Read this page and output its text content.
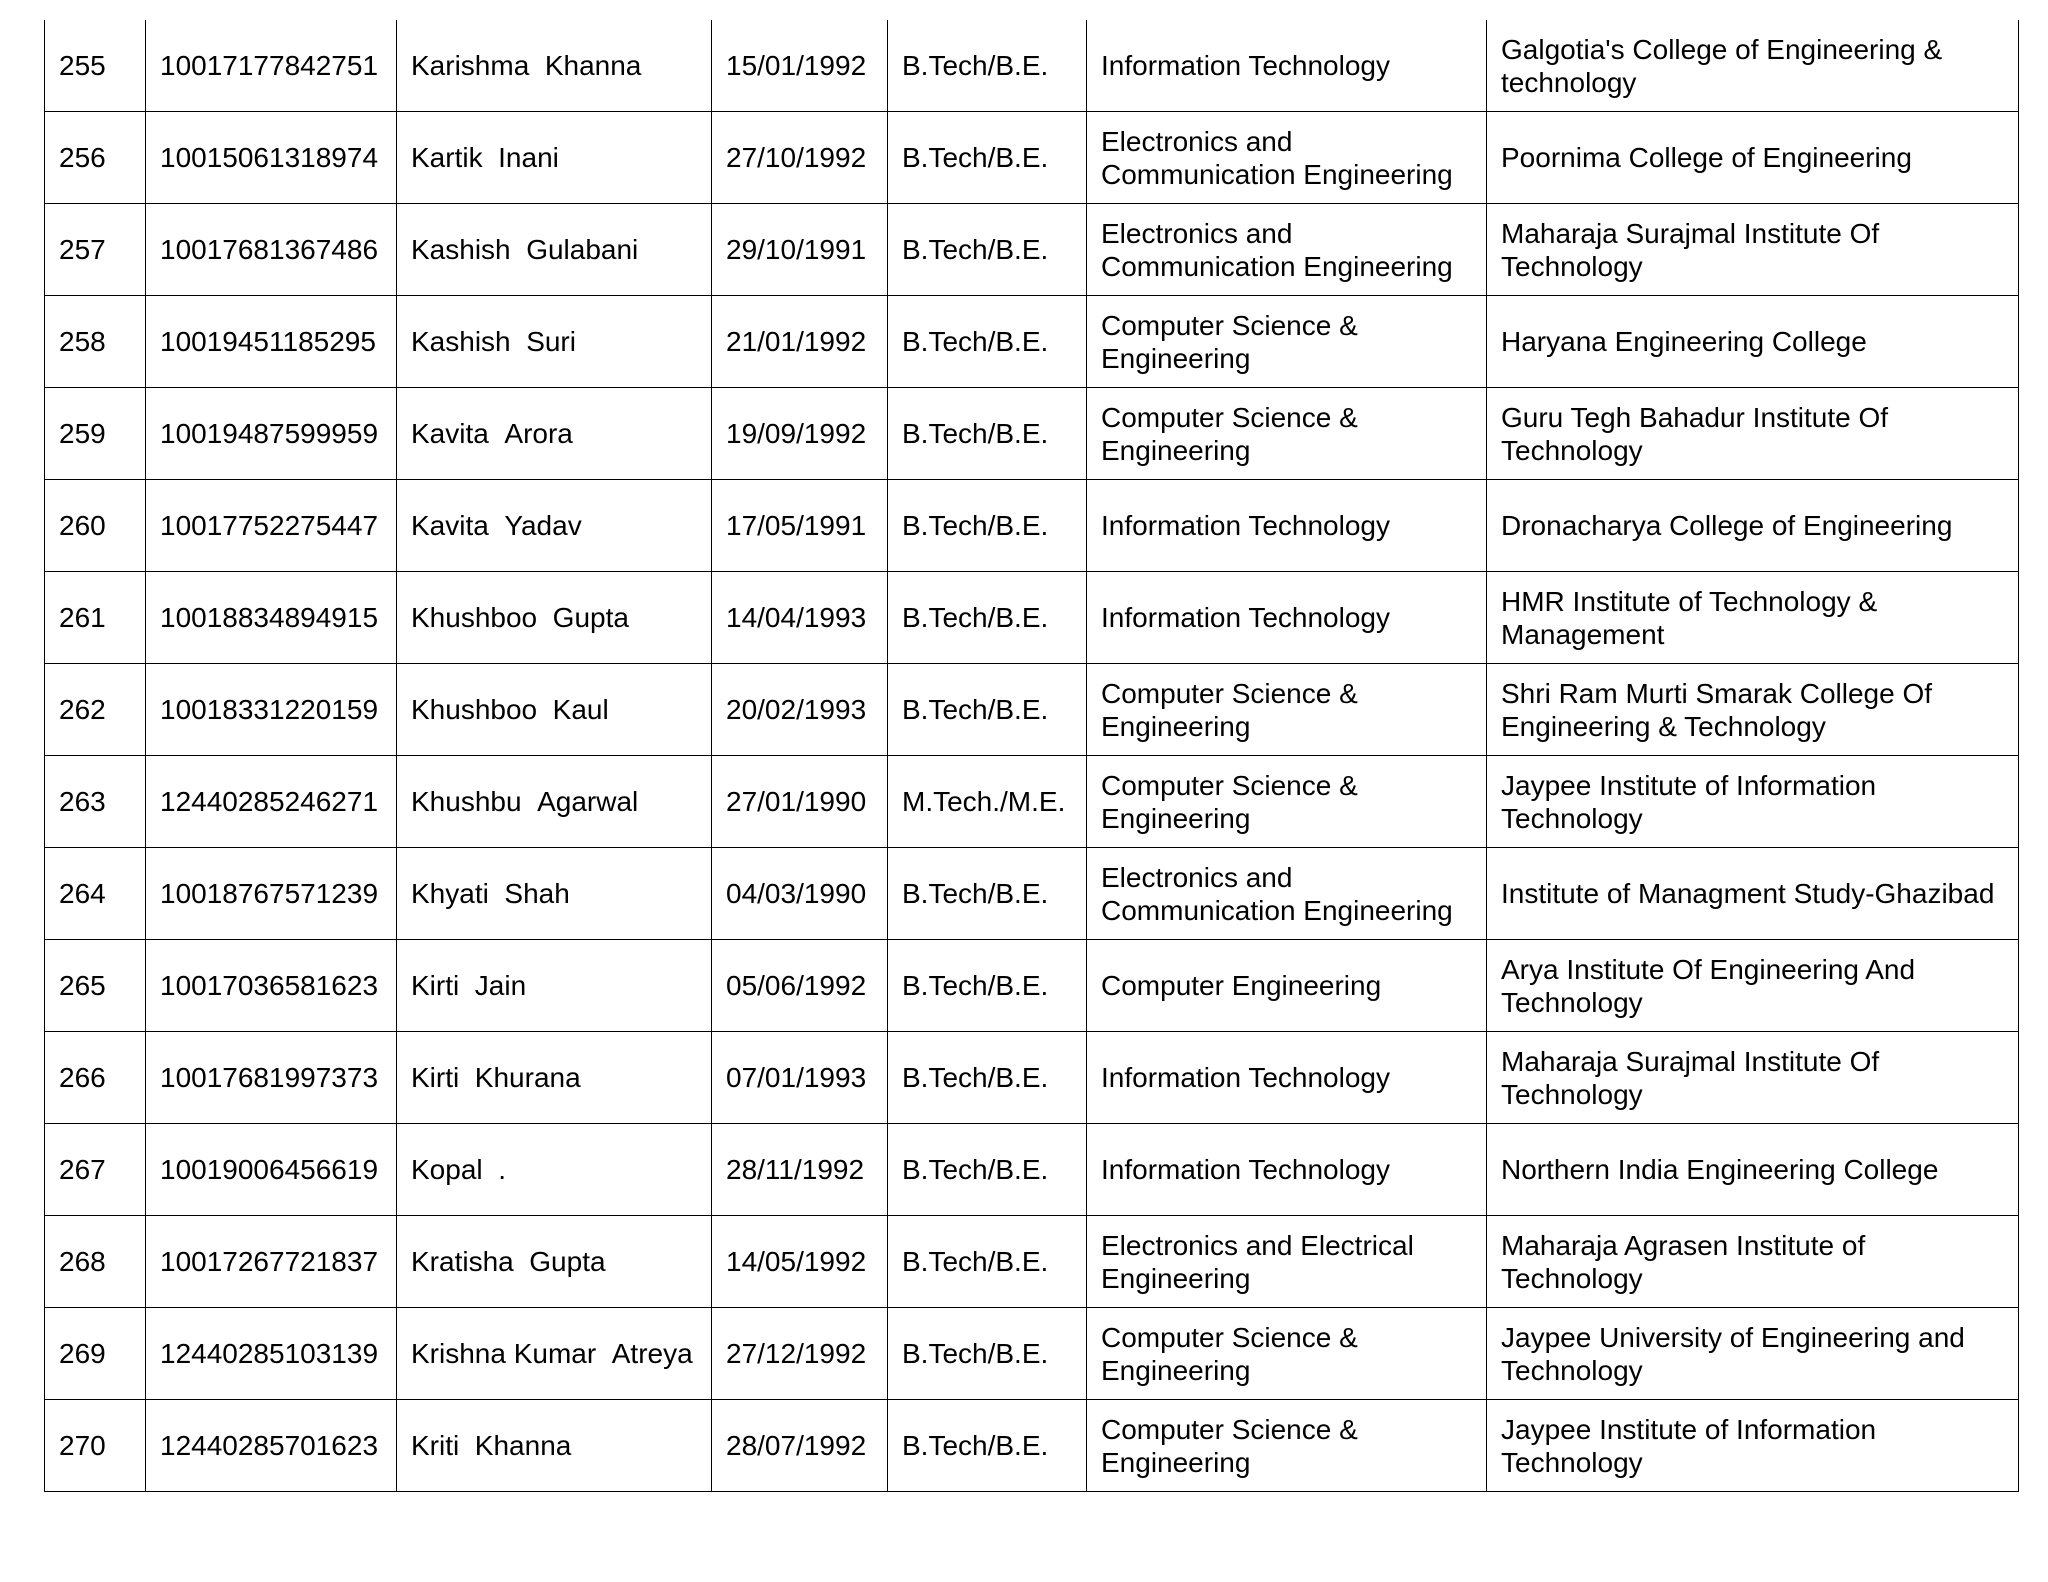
255	10017177842751	Karishma Khanna	15/01/1992	B.Tech/B.E.	Information Technology	Galgotia's College of Engineering & technology
256	10015061318974	Kartik Inani	27/10/1992	B.Tech/B.E.	Electronics and Communication Engineering	Poornima College of Engineering
257	10017681367486	Kashish Gulabani	29/10/1991	B.Tech/B.E.	Electronics and Communication Engineering	Maharaja Surajmal Institute Of Technology
258	10019451185295	Kashish Suri	21/01/1992	B.Tech/B.E.	Computer Science & Engineering	Haryana Engineering College
259	10019487599959	Kavita Arora	19/09/1992	B.Tech/B.E.	Computer Science & Engineering	Guru Tegh Bahadur Institute Of Technology
260	10017752275447	Kavita Yadav	17/05/1991	B.Tech/B.E.	Information Technology	Dronacharya College of Engineering
261	10018834894915	Khushboo Gupta	14/04/1993	B.Tech/B.E.	Information Technology	HMR Institute of Technology & Management
262	10018331220159	Khushboo Kaul	20/02/1993	B.Tech/B.E.	Computer Science & Engineering	Shri Ram Murti Smarak College Of Engineering & Technology
263	12440285246271	Khushbu Agarwal	27/01/1990	M.Tech./M.E.	Computer Science & Engineering	Jaypee Institute of Information Technology
264	10018767571239	Khyati Shah	04/03/1990	B.Tech/B.E.	Electronics and Communication Engineering	Institute of Managment Study-Ghazibad
265	10017036581623	Kirti Jain	05/06/1992	B.Tech/B.E.	Computer Engineering	Arya Institute Of Engineering And Technology
266	10017681997373	Kirti Khurana	07/01/1993	B.Tech/B.E.	Information Technology	Maharaja Surajmal Institute Of Technology
267	10019006456619	Kopal .	28/11/1992	B.Tech/B.E.	Information Technology	Northern India Engineering College
268	10017267721837	Kratisha Gupta	14/05/1992	B.Tech/B.E.	Electronics and Electrical Engineering	Maharaja Agrasen Institute of Technology
269	12440285103139	Krishna Kumar Atreya	27/12/1992	B.Tech/B.E.	Computer Science & Engineering	Jaypee University of Engineering and Technology
270	12440285701623	Kriti Khanna	28/07/1992	B.Tech/B.E.	Computer Science & Engineering	Jaypee Institute of Information Technology
